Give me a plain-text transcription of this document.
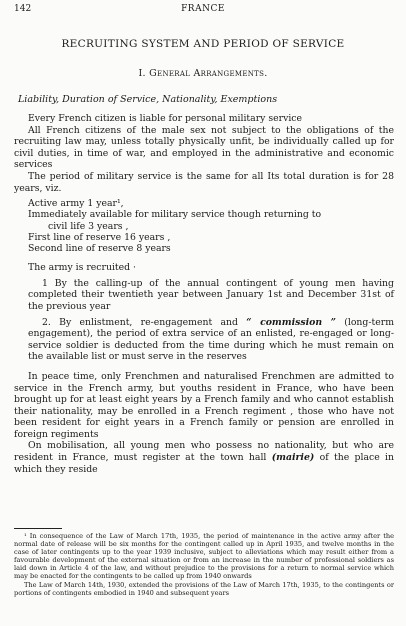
142	FRANCE
RECRUITING SYSTEM AND PERIOD OF SERVICE
I. General Arrangements.
Liability, Duration of Service, Nationality, Exemptions

Every French citizen is liable for personal military service

All French citizens of the male sex not subject to the obligations of the recruiting law may, unless totally physically unfit, be individually called up for civil duties, in time of war, and employed in the administrative and economic services

The period of military service is the same for all Its total duration is for 28 years, viz.

Active army 1 year¹,
Immediately available for military service though returning to
civil life 3 years ,
First line of reserve 16 years ,
Second line of reserve 8 years

The army is recruited ·

1 By the calling-up of the annual contingent of young men having completed their twentieth year between January 1st and December 31st of the previous year

2. By enlistment, re-engagement and “ commission ” (long-term engagement), the period of extra service of an enlisted, re-engaged or long-service soldier is deducted from the time during which he must remain on the available list or must serve in the reserves

In peace time, only Frenchmen and naturalised Frenchmen are admitted to service in the French army, but youths resident in France, who have been brought up for at least eight years by a French family and who cannot establish their nationality, may be enrolled in a French regiment , those who have not been resident for eight years in a French family or pension are enrolled in foreign regiments

On mobilisation, all young men who possess no nationality, but who are resident in France, must register at the town hall (mairie) of the place in which they reside

¹ In consequence of the Law of March 17th, 1935, the period of maintenance in the active army after the normal date of release will be six months for the contingent called up in April 1935, and twelve months in the case of later contingents up to the year 1939 inclusive, subject to alleviations which may result either from a favourable development of the external situation or from an increase in the number of professional soldiers as laid down in Article 4 of the law, and without prejudice to the provisions for a return to normal service which may be enacted for the contingents to be called up from 1940 onwards

The Law of March 14th, 1930, extended the provisions of the Law of March 17th, 1935, to the contingents or portions of contingents embodied in 1940 and subsequent years
